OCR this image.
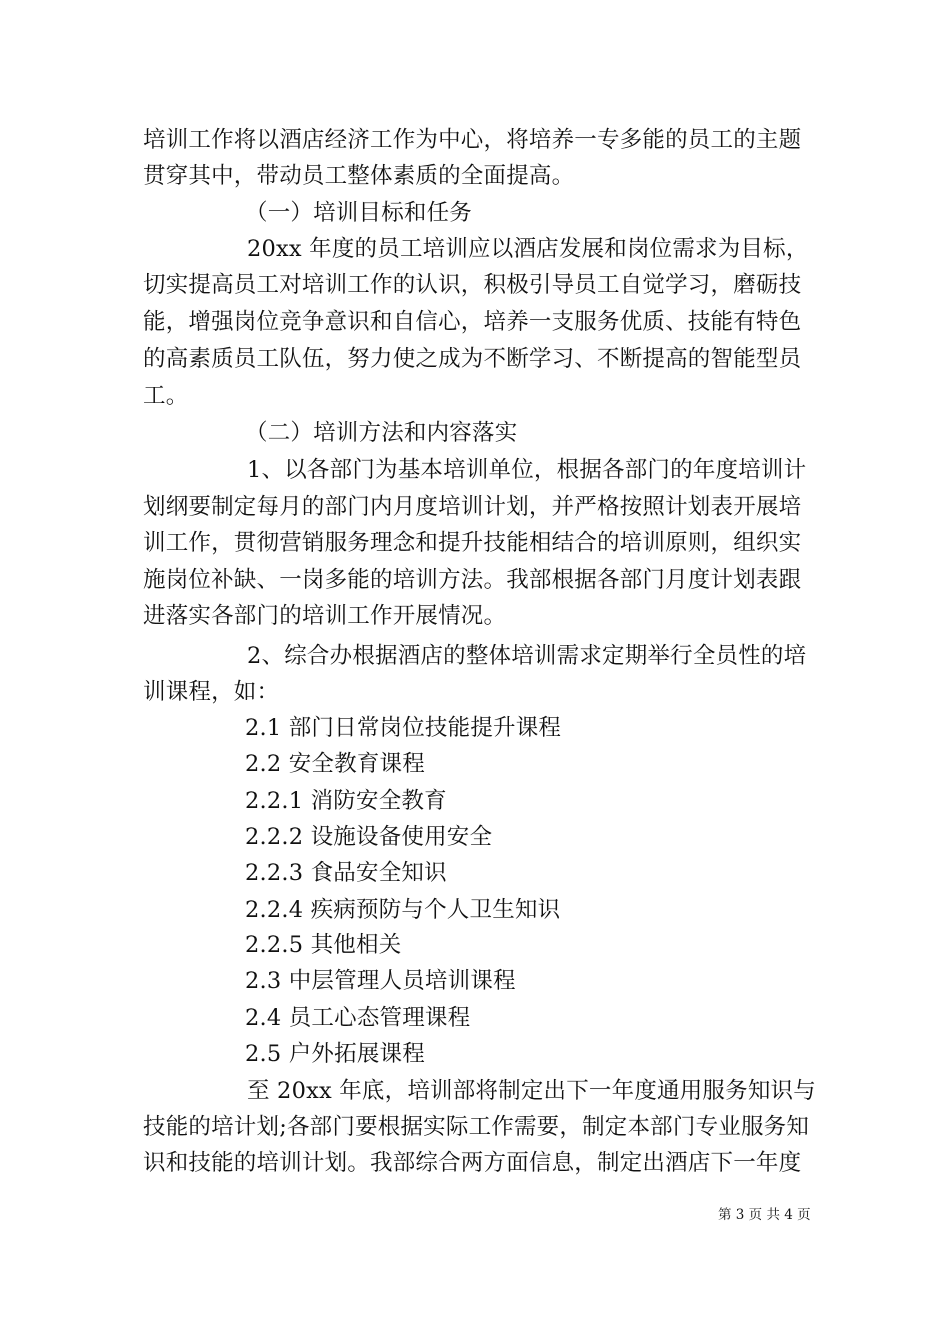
培训工作将以酒店经济工作为中心，将培养一专多能的员工的主题
贯穿其中，带动员工整体素质的全面提高。
（一）培训目标和任务
20xx 年度的员工培训应以酒店发展和岗位需求为目标，
切实提高员工对培训工作的认识，积极引导员工自觉学习，磨砺技
能，增强岗位竞争意识和自信心，培养一支服务优质、技能有特色
的高素质员工队伍，努力使之成为不断学习、不断提高的智能型员
工。
（二）培训方法和内容落实
1、以各部门为基本培训单位，根据各部门的年度培训计
划纲要制定每月的部门内月度培训计划，并严格按照计划表开展培
训工作，贯彻营销服务理念和提升技能相结合的培训原则，组织实
施岗位补缺、一岗多能的培训方法。我部根据各部门月度计划表跟
进落实各部门的培训工作开展情况。
2、综合办根据酒店的整体培训需求定期举行全员性的培
训课程，如：
2.1 部门日常岗位技能提升课程
2.2 安全教育课程
2.2.1 消防安全教育
2.2.2 设施设备使用安全
2.2.3 食品安全知识
2.2.4 疾病预防与个人卫生知识
2.2.5 其他相关
2.3 中层管理人员培训课程
2.4 员工心态管理课程
2.5 户外拓展课程
至 20xx 年底，培训部将制定出下一年度通用服务知识与
技能的培计划;各部门要根据实际工作需要，制定本部门专业服务知
识和技能的培训计划。我部综合两方面信息，制定出酒店下一年度
第 3 页 共 4 页
